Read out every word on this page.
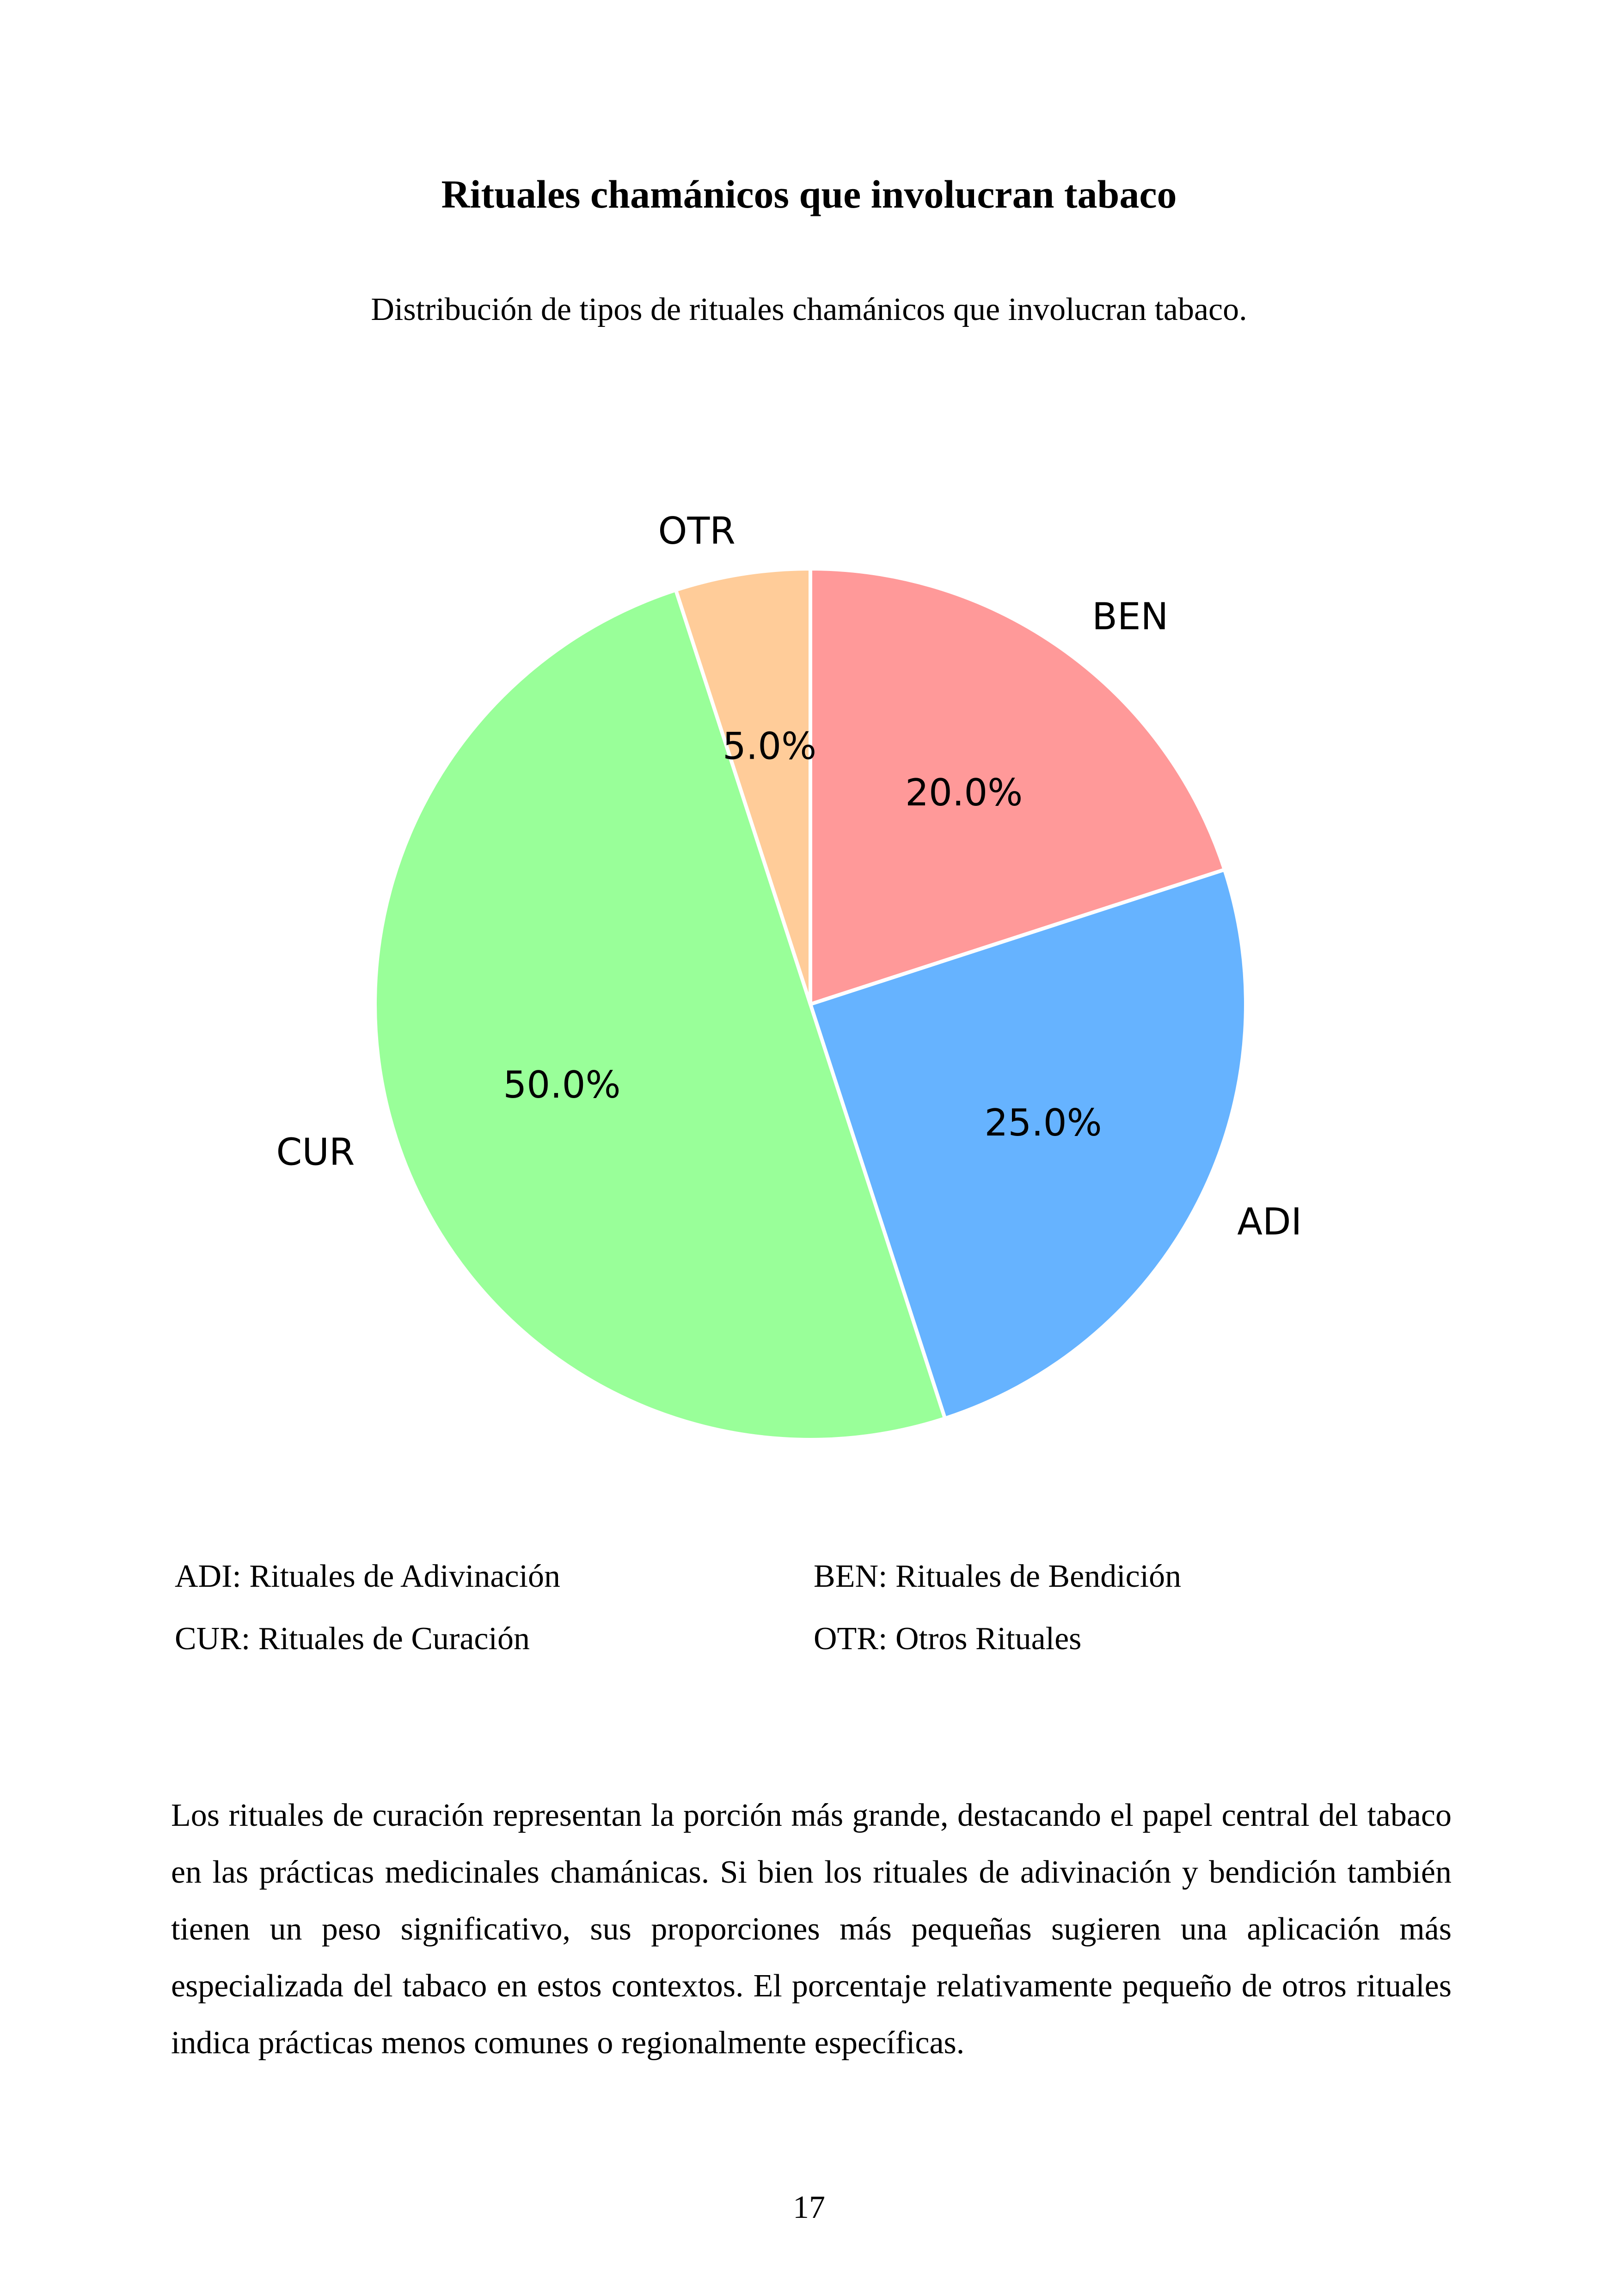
Rituales chamánicos que involucran tabaco
Distribución de tipos de rituales chamánicos que involucran tabaco.
20.0%
BEN
25.0%
ADI
50.0%
CUR
5.0%
OTR
ADI: Rituales de Adivinación	BEN: Rituales de Bendición
CUR: Rituales de Curación	OTR: Otros Rituales
Los rituales de curación representan la porción más grande, destacando el papel central del tabaco en las prácticas medicinales chamánicas. Si bien los rituales de adivinación y bendición también tienen un peso significativo, sus proporciones más pequeñas sugieren una aplicación más especializada del tabaco en estos contextos. El porcentaje relativamente pequeño de otros rituales indica prácticas menos comunes o regionalmente específicas.
17
